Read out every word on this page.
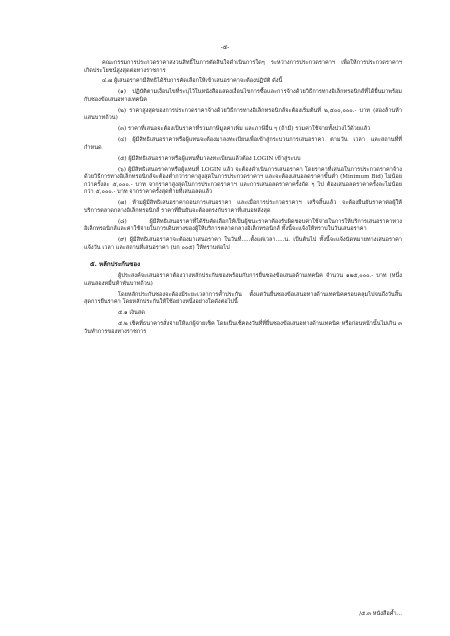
-๕-

คณะกรรมการประกวดราคาสงวนสิทธิ์ในการตัดสินใจดำเนินการใดๆ ระหว่างการประกวดราคาฯ เพื่อให้การประกวดราคาฯ เกิดประโยชน์สูงสุดต่อทางราชการ

๔.๗ ผู้เสนอราคามีสิทธิได้รับการคัดเลือกให้เข้าเสนอราคาจะต้องปฏิบัติ ดังนี้

(๑) ปฏิบัติตามเงื่อนไขที่ระบุไว้ในหนังสือแสดงเงื่อนไขการซื้อและการจ้างด้วยวิธีการทางอิเล็กทรอนิกส์ที่ได้ยื่นมาพร้อมกับซองข้อเสนอทางเทคนิค

(๒) ราคาสูงสุดของการประกวดราคาจ้างด้วยวิธีการทางอิเล็กทรอนิกส์จะต้องเริ่มต้นที่ ๒,๕๐๐,๐๐๐.- บาท (สองล้านห้าแสนบาทถ้วน)

(๓) ราคาที่เสนอจะต้องเป็นราคาที่รวมภาษีมูลค่าเพิ่ม และภาษีอื่น ๆ (ถ้ามี) รวมค่าใช้จ่ายทั้งปวงไว้ด้วยแล้ว

(๔) ผู้มีสิทธิเสนอราคาหรือผู้แทนจะต้องมาลงทะเบียนเพื่อเข้าสู่กระบวนการเสนอราคา ตามวัน เวลา และสถานที่ที่กำหนด

(๕) ผู้มีสิทธิเสนอราคาหรือผู้แทนที่มาลงทะเบียนแล้วต้อง LOGIN เข้าสู่ระบบ

(๖) ผู้มีสิทธิเสนอราคาหรือผู้แทนที่ LOGIN แล้ว จะต้องดำเนินการเสนอราคา โดยราคาที่เสนอในการประกวดราคาจ้าง ด้วยวิธีการทางอิเล็กทรอนิกส์จะต้องต่ำกว่าราคาสูงสุดในการประกวดราคาฯ และจะต้องเสนอลดราคาขั้นต่ำ (Minimum Bid) ไม่น้อยกว่าครั้งละ ๕,๐๐๐.- บาท จากราคาสูงสุดในการประกวดราคาฯ และการเสนอลดราคาครั้งถัด ๆ ไป ต้องเสนอลดราคาครั้งละไม่น้อยกว่า ๕,๐๐๐.- บาท จากราคาครั้งสุดท้ายที่เสนอลดแล้ว

(๗) ห้ามผู้มีสิทธิเสนอราคาถอนการเสนอราคา และเมื่อการประกวดราคาฯ เสร็จสิ้นแล้ว จะต้องยืนยันราคาต่อผู้ให้บริการตลาดกลางอิเล็กทรอนิกส์ ราคาที่ยืนยันจะต้องตรงกับราคาที่เสนอหลังสุด

(๘) ผู้มีสิทธิเสนอราคาที่ได้รับคัดเลือกให้เป็นผู้ชนะราคาต้องรับผิดชอบค่าใช้จ่ายในการให้บริการเสนอราคาทางอิเล็กทรอนิกส์และค่าใช้จ่ายในการเดินทางของผู้ให้บริการตลาดกลางอิเล็กทรอนิกส์ ทั้งนี้จะแจ้งให้ทราบในวันเสนอราคา

(๙) ผู้มีสิทธิเสนอราคาจะต้องมาเสนอราคา ในวันที่.....ตั้งแต่เวลา.....น. เป็นต้นไป ทั้งนี้จะแจ้งนัดหมายทางเสนอราคาแจ้งวัน เวลา และสถานที่เสนอราคา (บก ๐๐๕) ให้ทราบต่อไป

๕. หลักประกันซอง

ผู้ประสงค์จะเสนอราคาต้องวางหลักประกันซองพร้อมกับการยื่นซองข้อเสนอด้านเทคนิค จำนวน ๑๒๕,๐๐๐.- บาท (หนึ่งแสนสองหมื่นห้าพันบาทถ้วน)

โดยหลักประกันซองจะต้องมีระยะเวลาการค้ำประกัน ตั้งแต่วันยื่นซองข้อเสนอทางด้านเทคนิคครอบคลุมไปจนถึงวันสิ้นสุดการยืนราคา โดยหลักประกันให้ใช้อย่างหนึ่งอย่างใดดังต่อไปนี้

๕.๑ เงินสด

๕.๒ เช็คที่ธนาคารสั่งจ่ายให้แก่ผู้จ่ายเช็ค โดยเป็นเช็คลงวันที่ที่ยื่นซองข้อเสนอทางด้านเทคนิค หรือก่อนหน้านั้นไม่เกิน ๓ วันทำการของทางราชการ

/๕.๓ หนังสือค้ำ...
